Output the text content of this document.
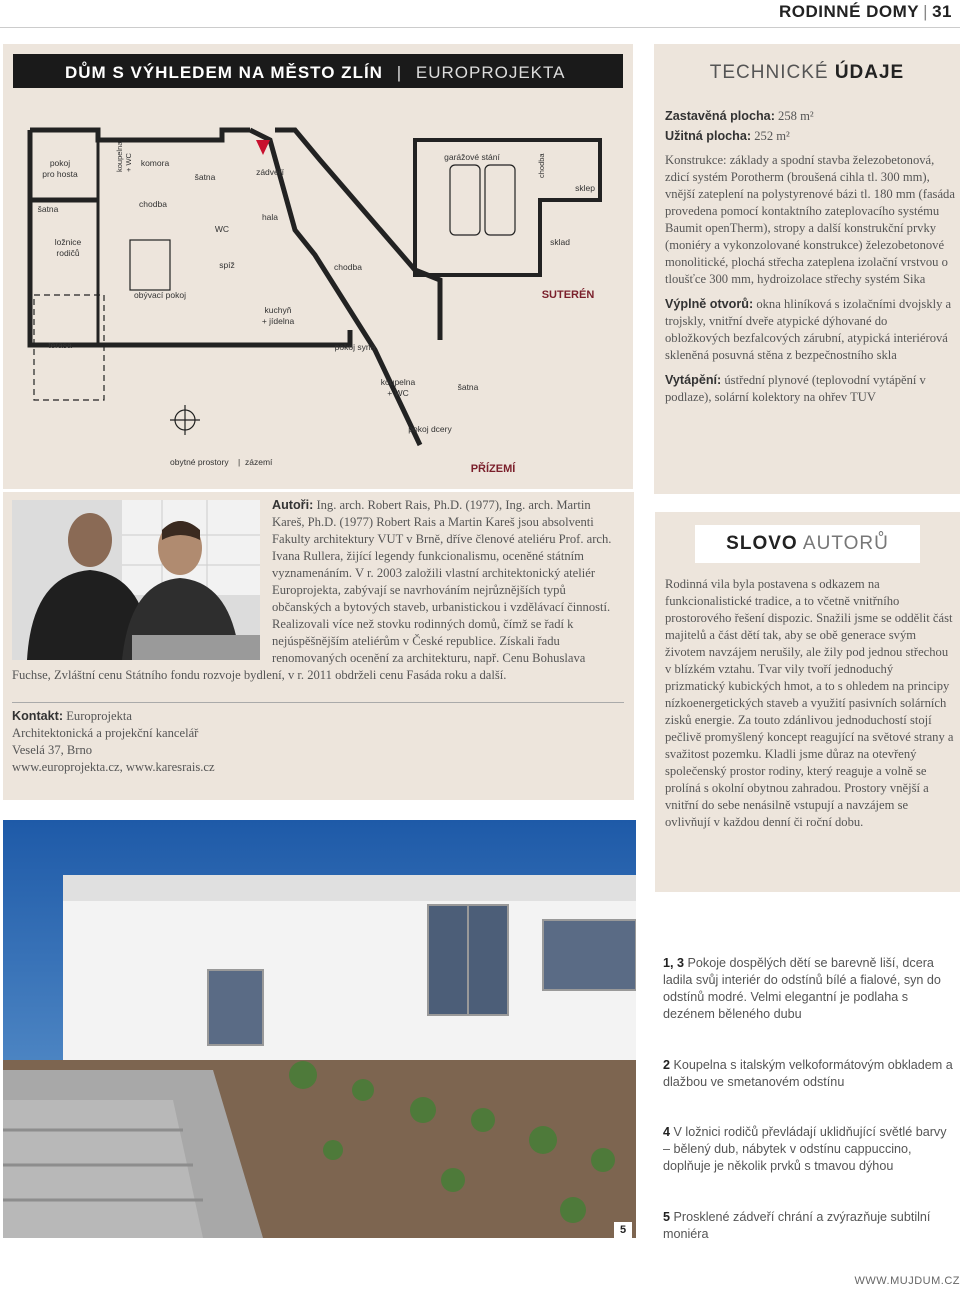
RODINNÉ DOMY | 31
DŮM S VÝHLEDEM NA MĚSTO ZLÍN | EUROPROJEKTA
pokoj
pro hosta
komora
šatna	zádveří
šatna	chodba
WC
hala
ložnice
rodičů
spíž
obývací pokoj
kuchyň
+ jídelna
chodba
garážové stání
sklep
sklad
terasa	pokoj syna
koupelna
+ WC
šatna
pokoj dcery
obytné prostory | zázemí
koupelna + WC	chodba
SUTERÉN
PŘÍZEMÍ
TECHNICKÉ ÚDAJE

Zastavěná plocha: 258 m²

Užitná plocha: 252 m²

Konstrukce: základy a spodní stavba železobetonová, zdicí systém Porotherm (broušená cihla tl. 300 mm), vnější zateplení na polystyrenové bázi tl. 180 mm (fasáda provedena pomocí kontaktního zateplovacího systému Baumit openTherm), stropy a další konstrukční prvky (moniéry a vykonzolované konstrukce) železobetonové monolitické, plochá střecha zateplena izolační vrstvou o tloušťce 300 mm, hydroizolace střechy systém Sika

Výplně otvorů: okna hliníková s izolačními dvojskly a trojskly, vnitřní dveře atypické dýhované do obložkových bezfalcových zárubní, atypická interiérová skleněná posuvná stěna z bezpečnostního skla

Vytápění: ústřední plynové (teplovodní vytápění v podlaze), solární kolektory na ohřev TUV

Autoři: Ing. arch. Robert Rais, Ph.D. (1977), Ing. arch. Martin Kareš, Ph.D. (1977) Robert Rais a Martin Kareš jsou absolventi Fakulty architektury VUT v Brně, dříve členové ateliéru Prof. arch. Ivana Rullera, žijící legendy funkcionalismu, oceněné státním vyznamenáním. V r. 2003 založili vlastní architektonický ateliér Europrojekta, zabývají se navrhováním nejrůznějších typů občanských a bytových staveb, urbanistickou i vzdělávací činností. Realizovali více než stovku rodinných domů, čímž se řadí k nejúspěšnějším ateliérům v České republice. Získali řadu renomovaných ocenění za architekturu, např. Cenu Bohuslava Fuchse, Zvláštní cenu Státního fondu rozvoje bydlení, v r. 2011 obdrželi cenu Fasáda roku a další.
Kontakt: Europrojekta
Architektonická a projekční kancelář
Veselá 37, Brno
www.europrojekta.cz, www.karesrais.cz
SLOVO AUTORŮ
Rodinná vila byla postavena s odkazem na funkcionalistické tradice, a to včetně vnitřního prostorového řešení dispozic. Snažili jsme se oddělit část majitelů a část dětí tak, aby se obě generace svým životem navzájem nerušily, ale žily pod jednou střechou v blízkém vztahu. Tvar vily tvoří jednoduchý prizmatický kubických hmot, a to s ohledem na principy nízkoenergetických staveb a využití pasivních solárních zisků energie. Za touto zdánlivou jednoduchostí stojí pečlivě promyšlený koncept reagující na světové strany a svažitost pozemku. Kladli jsme důraz na otevřený společenský prostor rodiny, který reaguje a volně se prolíná s okolní obytnou zahradou. Prostory vnější a vnitřní do sebe nenásilně vstupují a navzájem se ovlivňují v každou denní či roční dobu.
5
1, 3 Pokoje dospělých dětí se barevně liší, dcera ladila svůj interiér do odstínů bílé a fialové, syn do odstínů modré. Velmi elegantní je podlaha s dezénem běleného dubu
2 Koupelna s italským velkoformátovým obkladem a dlažbou ve smetanovém odstínu
4 V ložnici rodičů převládají uklidňující světlé barvy – bělený dub, nábytek v odstínu cappuccino, doplňuje je několik prvků s tmavou dýhou
5 Prosklené zádveří chrání a zvýrazňuje subtilní moniéra
WWW.MUJDUM.CZ
